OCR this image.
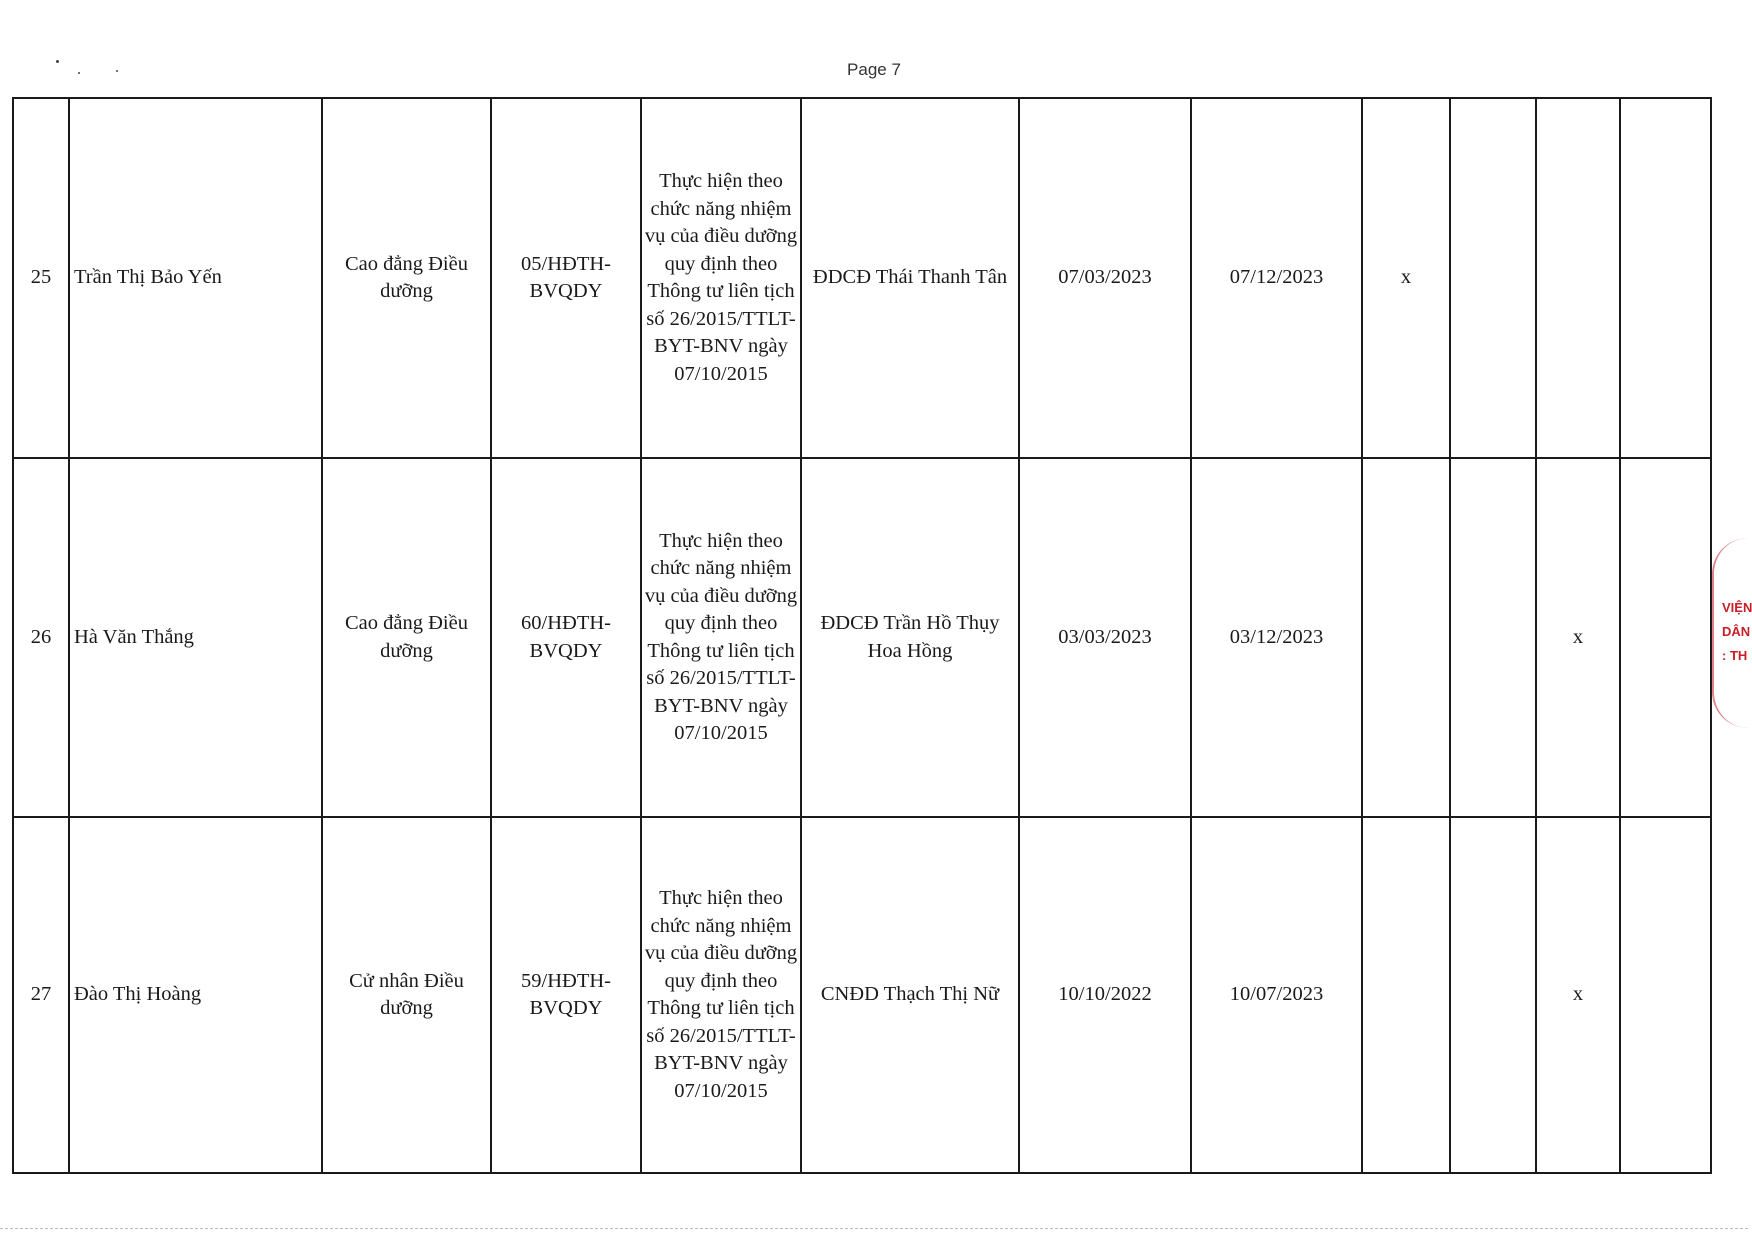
Page 7
25	Trần Thị Bảo Yến	Cao đẳng Điều dưỡng	05/HĐTH-BVQDY	Thực hiện theo chức năng nhiệm vụ của điều dưỡng quy định theo Thông tư liên tịch số 26/2015/TTLT-BYT-BNV ngày 07/10/2015	ĐDCĐ Thái Thanh Tân	07/03/2023	07/12/2023	x			
26	Hà Văn Thắng	Cao đẳng Điều dưỡng	60/HĐTH-BVQDY	Thực hiện theo chức năng nhiệm vụ của điều dưỡng quy định theo Thông tư liên tịch số 26/2015/TTLT-BYT-BNV ngày 07/10/2015	ĐDCĐ Trần Hồ Thụy Hoa Hồng	03/03/2023	03/12/2023			x	
27	Đào Thị Hoàng	Cử nhân Điều dưỡng	59/HĐTH-BVQDY	Thực hiện theo chức năng nhiệm vụ của điều dưỡng quy định theo Thông tư liên tịch số 26/2015/TTLT-BYT-BNV ngày 07/10/2015	CNĐD Thạch Thị Nữ	10/10/2022	10/07/2023			x	
VIỆN
DÂN
: TH
